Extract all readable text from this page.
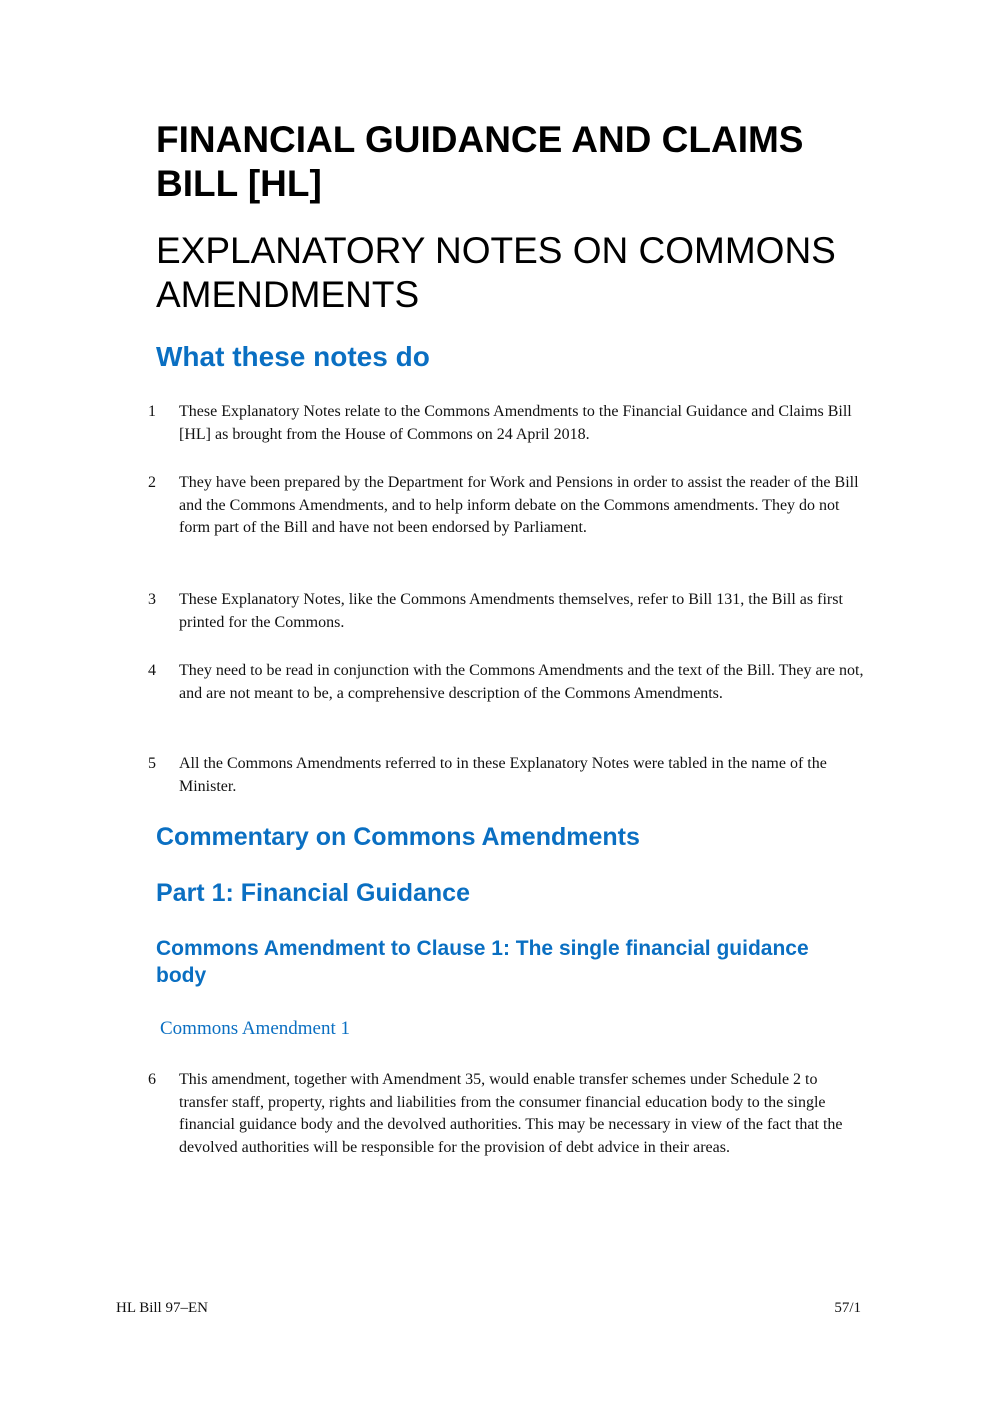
FINANCIAL GUIDANCE AND CLAIMS BILL [HL]
EXPLANATORY NOTES ON COMMONS AMENDMENTS
What these notes do
1	These Explanatory Notes relate to the Commons Amendments to the Financial Guidance and Claims Bill [HL] as brought from the House of Commons on 24 April 2018.
2	They have been prepared by the Department for Work and Pensions in order to assist the reader of the Bill and the Commons Amendments, and to help inform debate on the Commons amendments. They do not form part of the Bill and have not been endorsed by Parliament.
3	These Explanatory Notes, like the Commons Amendments themselves, refer to Bill 131, the Bill as first printed for the Commons.
4	They need to be read in conjunction with the Commons Amendments and the text of the Bill. They are not, and are not meant to be, a comprehensive description of the Commons Amendments.
5	All the Commons Amendments referred to in these Explanatory Notes were tabled in the name of the Minister.
Commentary on Commons Amendments
Part 1: Financial Guidance
Commons Amendment to Clause 1: The single financial guidance body
Commons Amendment 1
6	This amendment, together with Amendment 35, would enable transfer schemes under Schedule 2 to transfer staff, property, rights and liabilities from the consumer financial education body to the single financial guidance body and the devolved authorities. This may be necessary in view of the fact that the devolved authorities will be responsible for the provision of debt advice in their areas.
HL Bill 97–EN	57/1
